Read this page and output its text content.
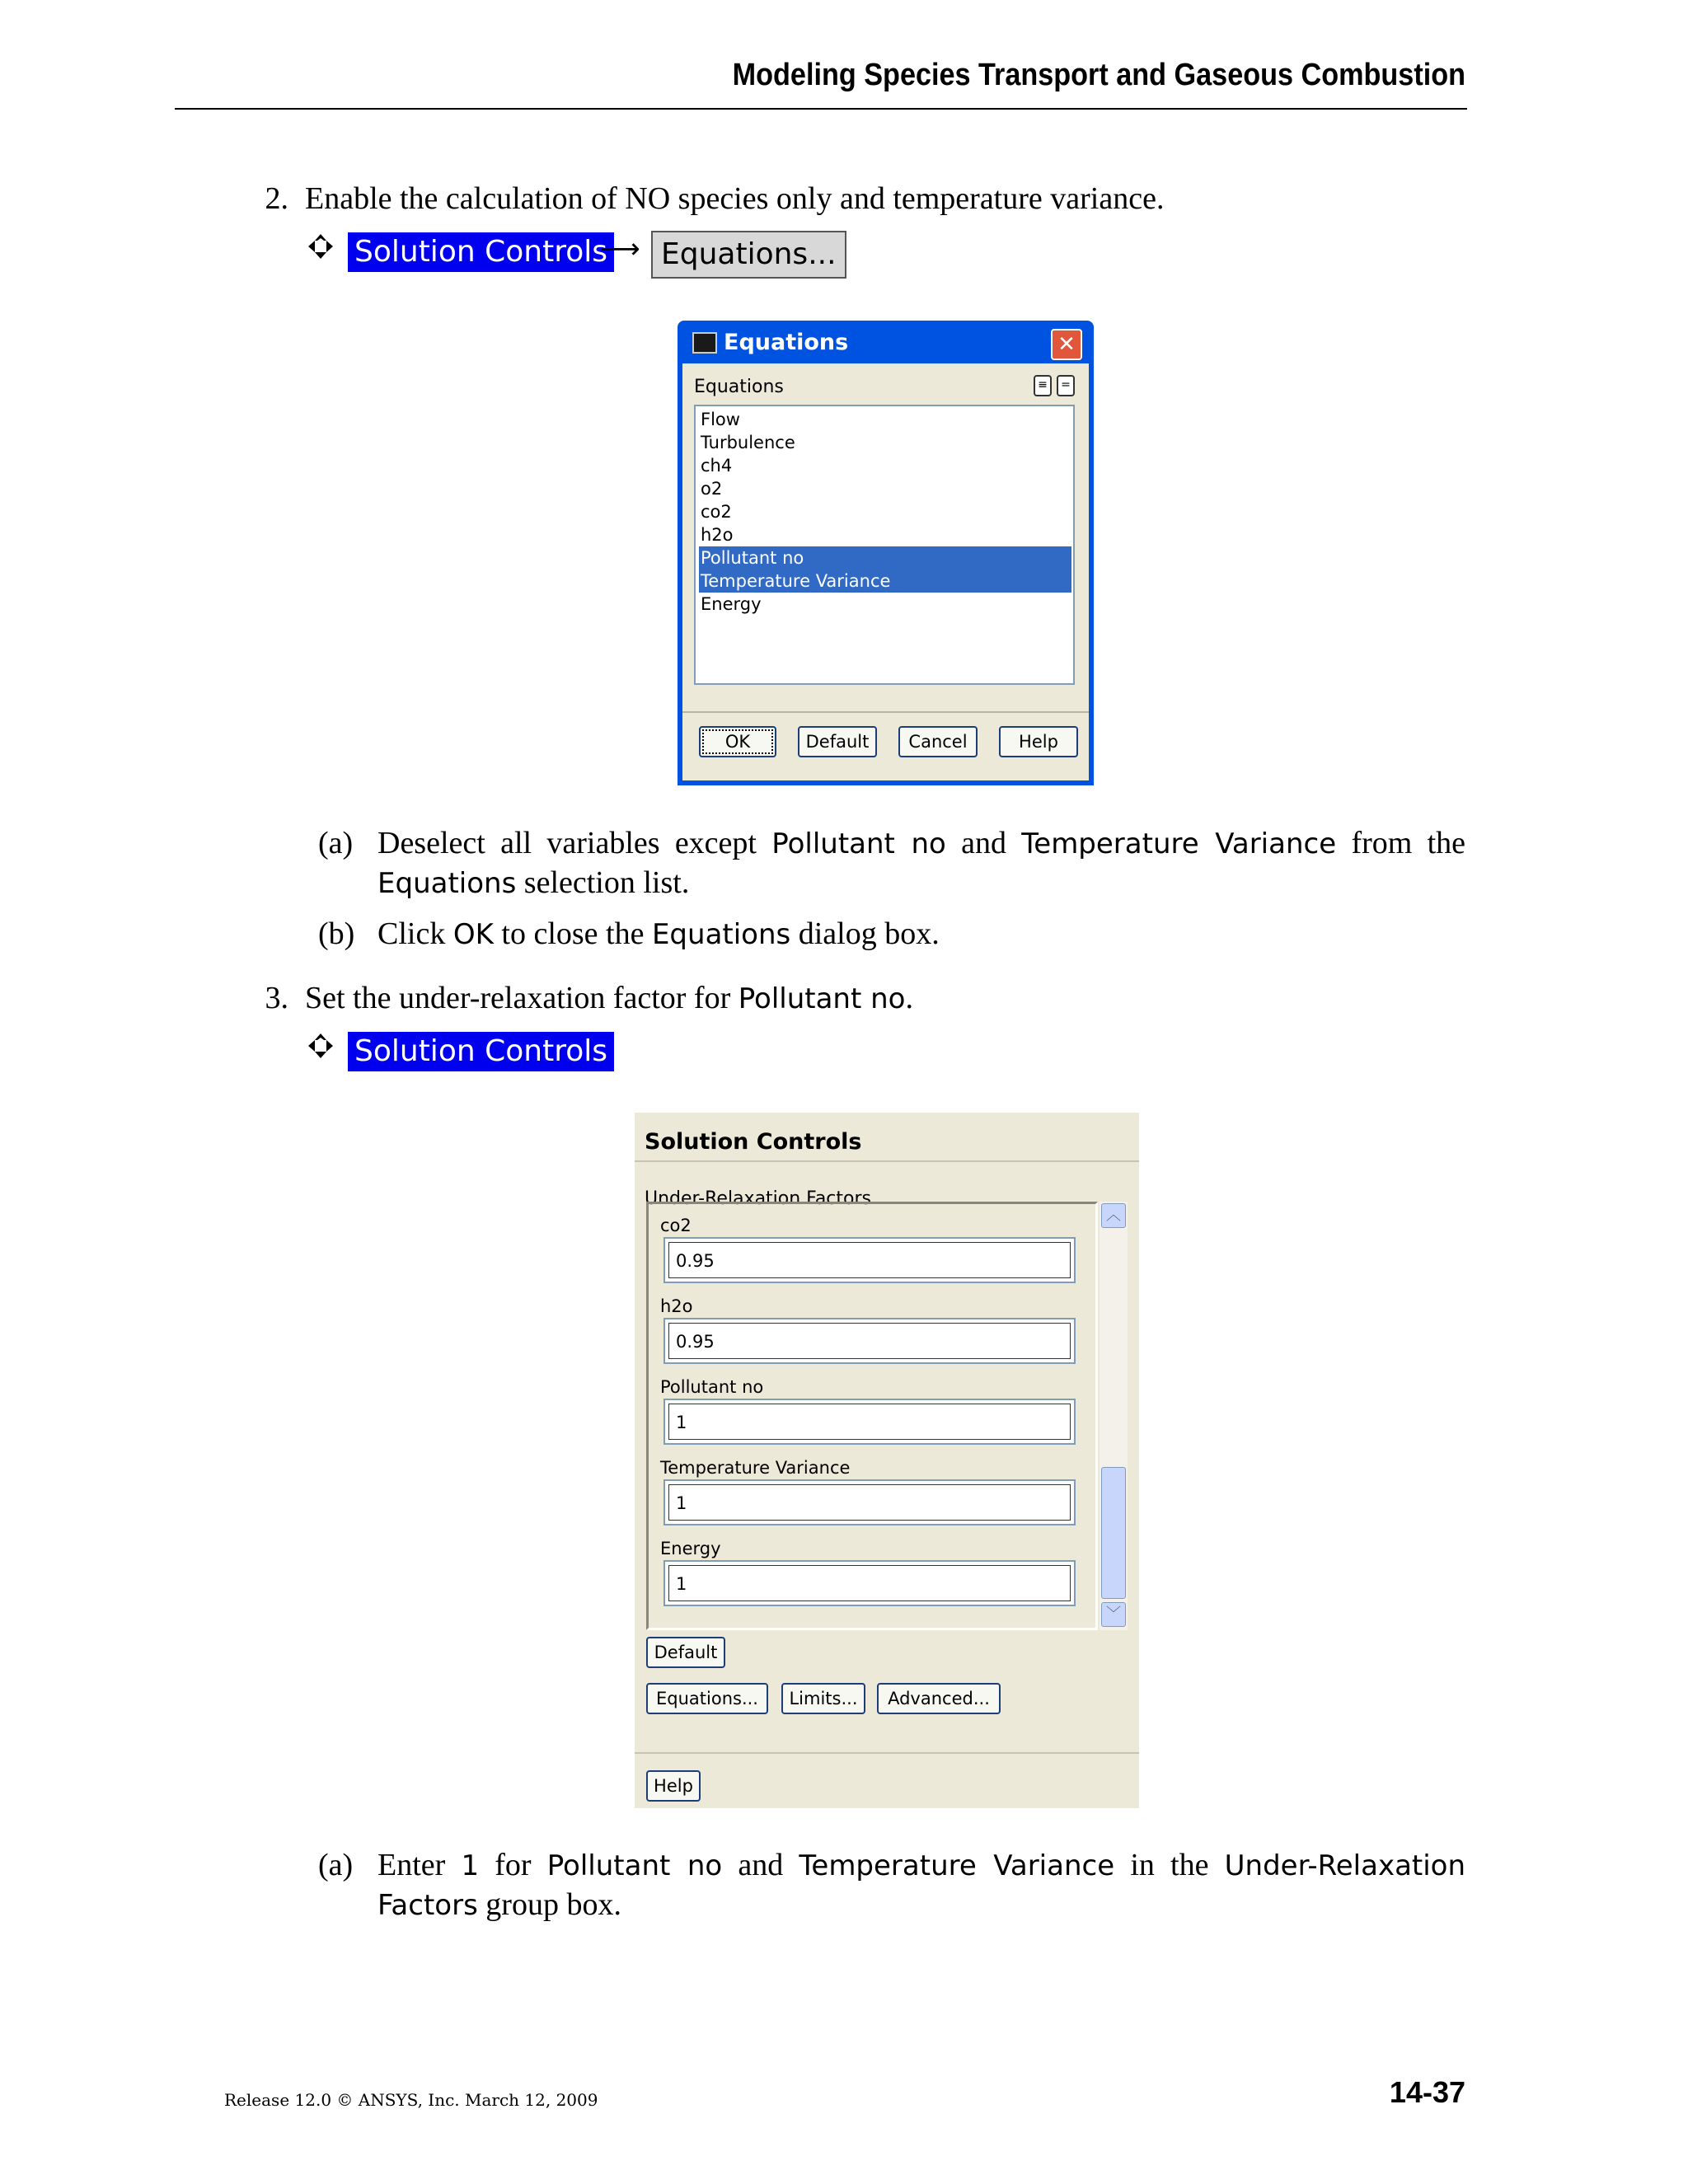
Modeling Species Transport and Gaseous Combustion
2. Enable the calculation of NO species only and temperature variance.
Solution Controls
⟶ Equations...
Equations	✕
Equations	≡	=
Flow
Turbulence
ch4
o2
co2
h2o
Pollutant no
Temperature Variance
Energy
OK	Default	Cancel	Help
(a) Deselect all variables except Pollutant no and Temperature Variance from the
Equations selection list.
(b) Click OK to close the Equations dialog box.
3. Set the under-relaxation factor for Pollutant no.
Solution Controls
Solution Controls
Under-Relaxation Factors
co2
0.95
h2o
0.95
Pollutant no
1
Temperature Variance
1
Energy
1
︿
﹀
Default
Equations...	Limits...	Advanced...
Help
(a) Enter 1 for Pollutant no and Temperature Variance in the Under-Relaxation
Factors group box.
Release 12.0 © ANSYS, Inc. March 12, 2009	14-37
